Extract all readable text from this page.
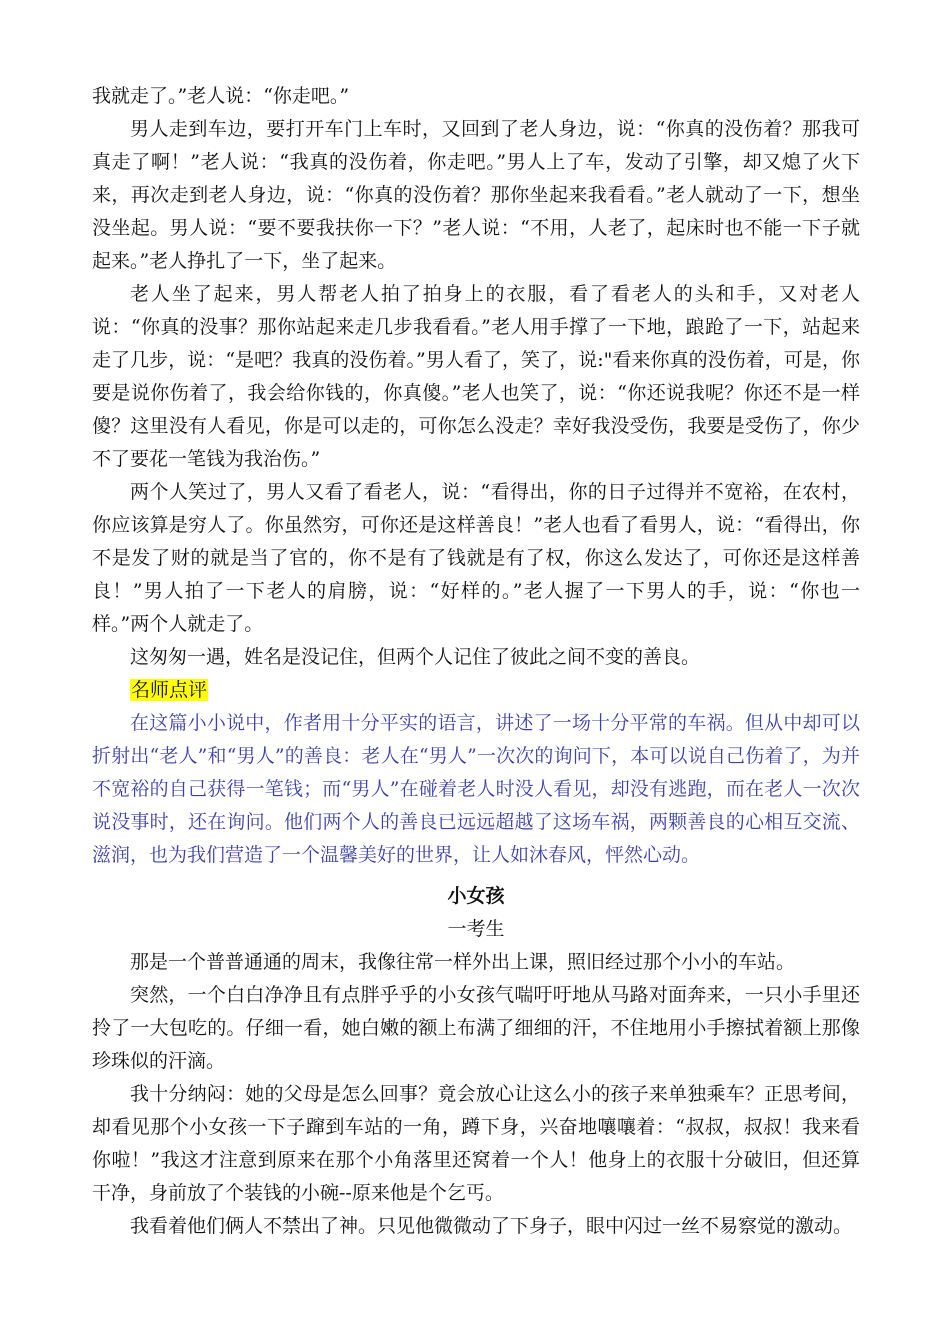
我就走了。”老人说：“你走吧。”

男人走到车边，要打开车门上车时，又回到了老人身边，说：“你真的没伤着？那我可真走了啊！”老人说：“我真的没伤着，你走吧。”男人上了车，发动了引擎，却又熄了火下来，再次走到老人身边，说：“你真的没伤着？那你坐起来我看看。”老人就动了一下，想坐没坐起。男人说：“要不要我扶你一下？”老人说：“不用，人老了，起床时也不能一下子就起来。”老人挣扎了一下，坐了起来。

老人坐了起来，男人帮老人拍了拍身上的衣服，看了看老人的头和手，又对老人说：“你真的没事？那你站起来走几步我看看。”老人用手撑了一下地，踉跄了一下，站起来走了几步，说：“是吧？我真的没伤着。”男人看了，笑了，说:"看来你真的没伤着，可是，你要是说你伤着了，我会给你钱的，你真傻。”老人也笑了，说：“你还说我呢？你还不是一样傻？这里没有人看见，你是可以走的，可你怎么没走？幸好我没受伤，我要是受伤了，你少不了要花一笔钱为我治伤。”

两个人笑过了，男人又看了看老人，说：“看得出，你的日子过得并不宽裕，在农村，你应该算是穷人了。你虽然穷，可你还是这样善良！”老人也看了看男人，说：“看得出，你不是发了财的就是当了官的，你不是有了钱就是有了权，你这么发达了，可你还是这样善良！”男人拍了一下老人的肩膀，说：“好样的。”老人握了一下男人的手，说：“你也一样。”两个人就走了。

这匆匆一遇，姓名是没记住，但两个人记住了彼此之间不变的善良。

名师点评

在这篇小小说中，作者用十分平实的语言，讲述了一场十分平常的车祸。但从中却可以折射出“老人”和“男人”的善良：老人在“男人”一次次的询问下，本可以说自己伤着了，为并不宽裕的自己获得一笔钱；而“男人”在碰着老人时没人看见，却没有逃跑，而在老人一次次说没事时，还在询问。他们两个人的善良已远远超越了这场车祸，两颗善良的心相互交流、滋润，也为我们营造了一个温馨美好的世界，让人如沐春风，怦然心动。

小女孩

一考生

那是一个普普通通的周末，我像往常一样外出上课，照旧经过那个小小的车站。

突然，一个白白净净且有点胖乎乎的小女孩气喘吁吁地从马路对面奔来，一只小手里还拎了一大包吃的。仔细一看，她白嫩的额上布满了细细的汗，不住地用小手擦拭着额上那像珍珠似的汗滴。

我十分纳闷：她的父母是怎么回事？竟会放心让这么小的孩子来单独乘车？正思考间，却看见那个小女孩一下子蹿到车站的一角，蹲下身，兴奋地嚷嚷着：“叔叔，叔叔！我来看你啦！”我这才注意到原来在那个小角落里还窝着一个人！他身上的衣服十分破旧，但还算干净，身前放了个装钱的小碗--原来他是个乞丐。

我看着他们俩人不禁出了神。只见他微微动了下身子，眼中闪过一丝不易察觉的激动。
